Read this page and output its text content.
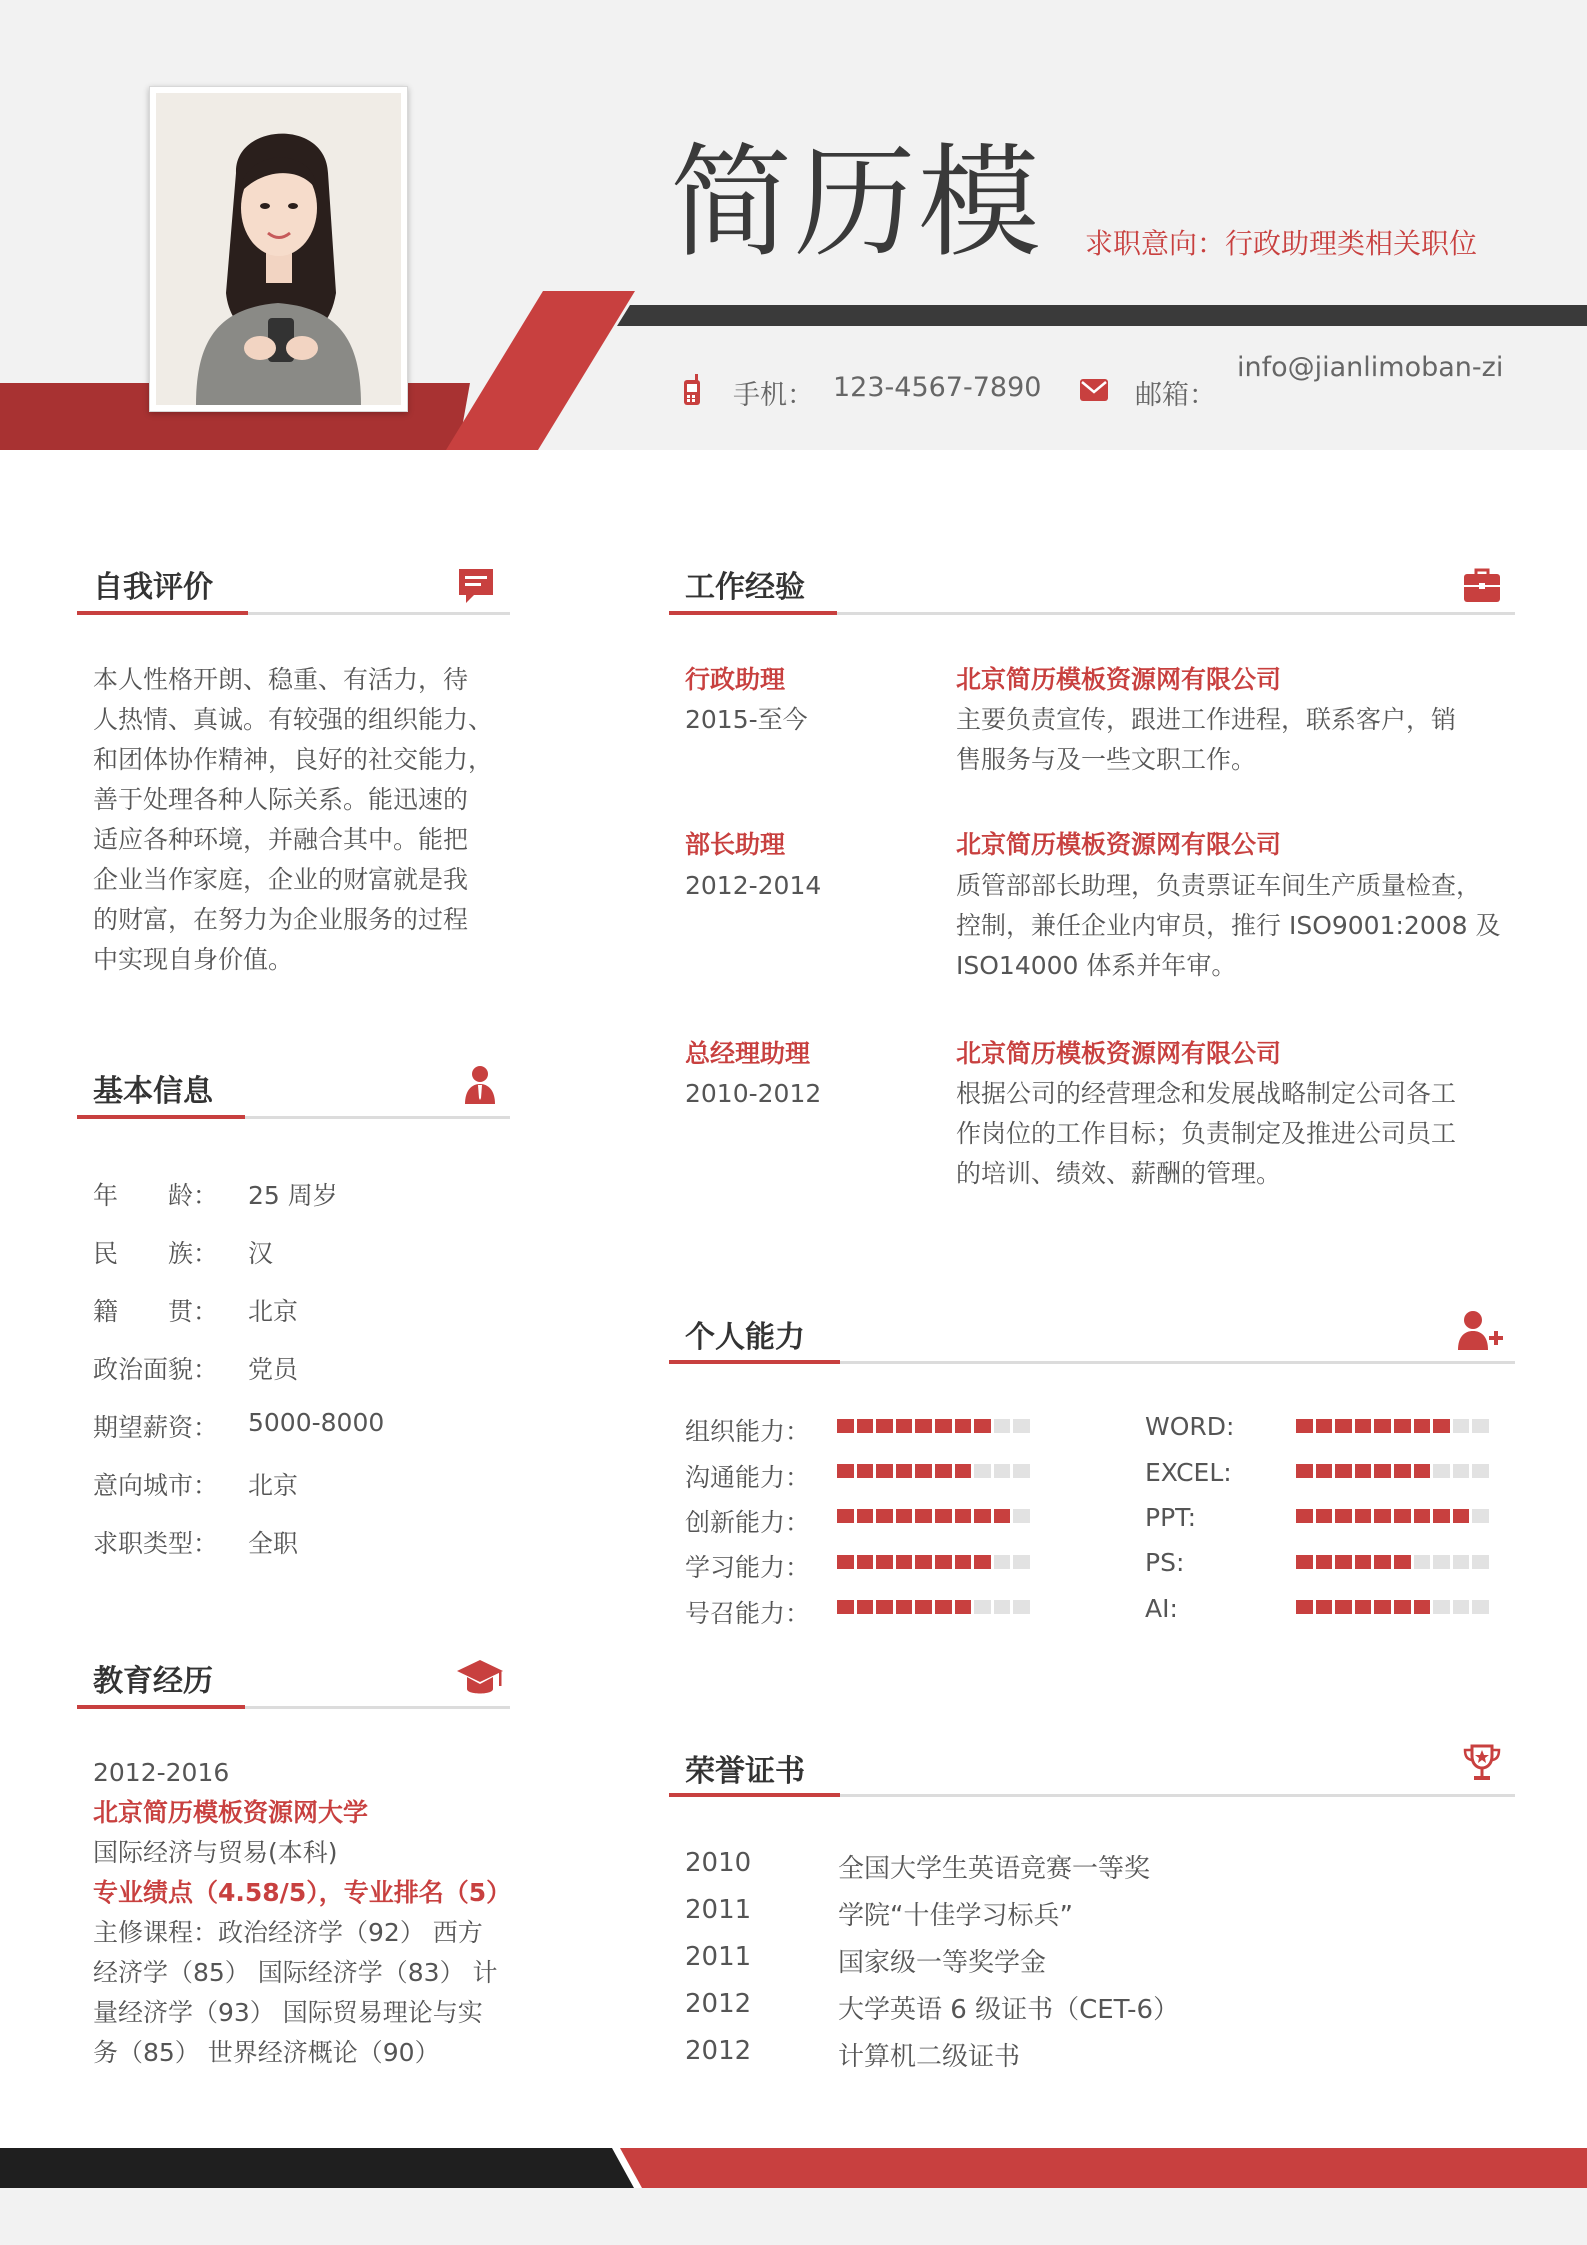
简历模 求职意向：行政助理类相关职位
手机： 123-4567-7890	邮箱：
info@jianlimoban-zi
自我评价
本人性格开朗、稳重、有活力，待
人热情、真诚。有较强的组织能力、
和团体协作精神，良好的社交能力，
善于处理各种人际关系。能迅速的
适应各种环境，并融合其中。能把
企业当作家庭，企业的财富就是我
的财富，在努力为企业服务的过程
中实现自身价值。
基本信息
年　　龄： 25 周岁
民　　族： 汉
籍　　贯： 北京
政治面貌： 党员
期望薪资： 5000-8000
意向城市： 北京
求职类型： 全职
教育经历
2012-2016
北京简历模板资源网大学
国际经济与贸易(本科)
专业绩点（4.58/5），专业排名（5）
主修课程：政治经济学（92） 西方
经济学（85） 国际经济学（83） 计
量经济学（93） 国际贸易理论与实
务（85） 世界经济概论（90）
工作经验
行政助理
2015-至今
北京简历模板资源网有限公司
主要负责宣传，跟进工作进程，联系客户，销
售服务与及一些文职工作。
部长助理
2012-2014
北京简历模板资源网有限公司
质管部部长助理，负责票证车间生产质量检查，
控制，兼任企业内审员，推行 ISO9001:2008 及
ISO14000 体系并年审。
总经理助理
2010-2012
北京简历模板资源网有限公司
根据公司的经营理念和发展战略制定公司各工
作岗位的工作目标；负责制定及推进公司员工
的培训、绩效、薪酬的管理。
个人能力
组织能力：
沟通能力：
创新能力：
学习能力：
号召能力：
WORD:
EXCEL:
PPT:
PS:
AI:
荣誉证书
2010	全国大学生英语竞赛一等奖
2011	学院“十佳学习标兵”
2011	国家级一等奖学金
2012	大学英语 6 级证书（CET-6）
2012	计算机二级证书
